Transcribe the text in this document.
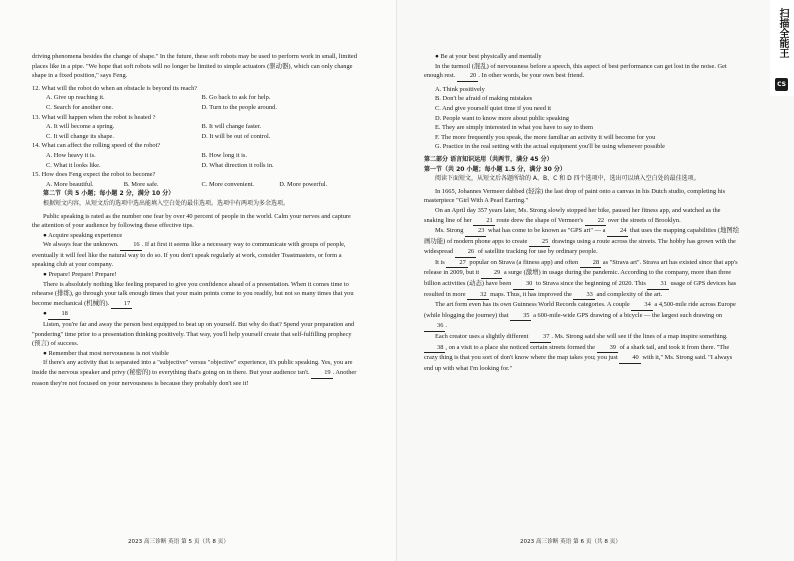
driving phenomena besides the change of shape." In the future, these soft robots may be used to perform work in small, limited places like in a pipe. "We hope that soft robots will no longer be limited to simple actuators (驱动器), which can only change shape in a fixed position," says Feng.

12. What will the robot do when an obstacle is beyond its reach?

A. Give up reaching it.	B. Go back to ask for help.
C. Search for another one.	D. Turn to the people around.

13. What will happen when the robot is heated ?

A. It will become a spring.	B. It will change faster.
C. It will change its shape.	D. It will be out of control.

14. What can affect the rolling speed of the robot?

A. How heavy it is.	B. How long it is.
C. What it looks like.	D. What direction it rolls in.

15. How does Feng expect the robot to become?

A. More beautiful.	B. More safe.	C. More convenient.	D. More powerful.

第二节（共 5 小题；每小题 2 分，满分 10 分）

根据短文内容，从短文后的选项中选出能填入空白处的最佳选项。选项中有两项为多余选项。

Public speaking is rated as the number one fear by over 40 percent of people in the world. Calm your nerves and capture the attention of your audience by following these effective tips.

● Acquire speaking experience

We always fear the unknown. 16 . If at first it seems like a necessary way to communicate with groups of people, eventually it will feel like the natural way to do so. If you don't speak regularly at work, consider Toastmasters, or form a speaking club at your company.

● Prepare! Prepare! Prepare!

There is absolutely nothing like feeling prepared to give you confidence ahead of a presentation. When it comes time to rehearse (排练), go through your talk enough times that your main points come to you readily, but not so many times that you become mechanical (机械的). 17

● 18

Listen, you're far and away the person best equipped to beat up on yourself. But why do that? Spend your preparation and "pondering" time prior to a presentation thinking positively. That way, you'll help yourself create that self-fulfilling prophecy (预言) of success.

● Remember that most nervousness is not visible

If there's any activity that is separated into a "subjective" versus "objective" experience, it's public speaking. Yes, you are inside the nervous speaker and privy (秘密的) to everything that's going on in there. But your audience isn't. 19 . Another reason they're not focused on your nervousness is because they probably don't see it!

2023 高三诊断 英语 第 5 页（共 8 页）
扫描全能王
CS

● Be at your best physically and mentally

In the turmoil (混乱) of nervousness before a speech, this aspect of best performance can get lost in the noise. Get enough rest. 20 . In other words, be your own best friend.

A. Think positively

B. Don't be afraid of making mistakes

C. And give yourself quiet time if you need it

D. People want to know more about public speaking

E. They are simply interested in what you have to say to them

F. The more frequently you speak, the more familiar an activity it will become for you

G. Practice in the real setting with the actual equipment you'll be using whenever possible

第二部分 语言知识运用（共两节，满分 45 分）

第一节（共 20 小题；每小题 1.5 分，满分 30 分）

阅读下面短文，从短文后各题所给的 A、B、C 和 D 四个选项中，选出可以填入空白处的最佳选项。

In 1665, Johannes Vermeer dabbed (轻涂) the last drop of paint onto a canvas in his Dutch studio, completing his masterpiece "Girl With A Pearl Earring."

On an April day 357 years later, Ms. Strong slowly stopped her bike, paused her fitness app, and watched as the snaking line of her 21 route drew the shape of Vermeer's 22 over the streets of Brooklyn.

Ms. Strong 23 what has come to be known as "GPS art" — a 24 that uses the mapping capabilities (地图绘画功能) of modern phone apps to create 25 drawings using a route across the streets. The hobby has grown with the widespread 26 of satellite tracking for use by ordinary people.

It is 27 popular on Strava (a fitness app) and often 28 as "Strava art". Strava art has existed since that app's release in 2009, but it 29 a surge (激增) in usage during the pandemic. According to the company, more than three billion activities (动态) have been 30 to Strava since the beginning of 2020. This 31 usage of GPS devices has resulted in more 32 maps. Thus, it has improved the 33 and complexity of the art.

The art form even has its own Guinness World Records categories. A couple 34 a 4,500-mile ride across Europe (while blogging the journey) that 35 a 600-mile-wide GPS drawing of a bicycle — the largest such drawing on 36 .

Each creator uses a slightly different 37 . Ms. Strong said she will see if the lines of a map inspire something. 38 , on a visit to a place she noticed certain streets formed the 39 of a shark tail, and took it from there. "The crazy thing is that you sort of don't know where the map takes you; you just 40 with it," Ms. Strong said. "I always end up with what I'm looking for."

2023 高三诊断 英语 第 6 页（共 8 页）
